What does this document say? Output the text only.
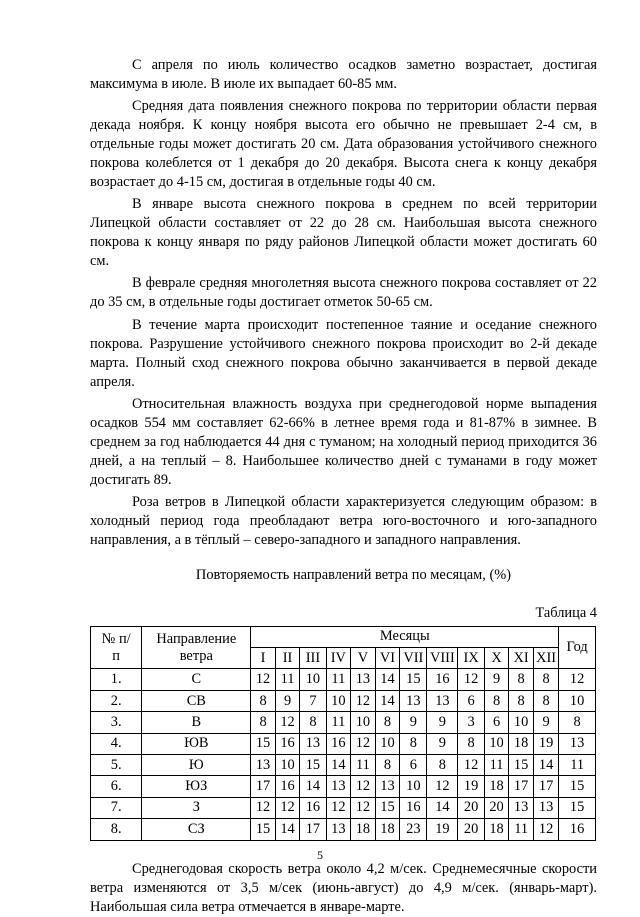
С апреля по июль количество осадков заметно возрастает, достигая максимума в июле. В июле их выпадает 60-85 мм.

Средняя дата появления снежного покрова по территории области первая декада ноября. К концу ноября высота его обычно не превышает 2-4 см, в отдельные годы может достигать 20 см. Дата образования устойчивого снежного покрова колеблется от 1 декабря до 20 декабря. Высота снега к концу декабря возрастает до 4-15 см, достигая в отдельные годы 40 см.

В январе высота снежного покрова в среднем по всей территории Липецкой области составляет от 22 до 28 см. Наибольшая высота снежного покрова к концу января по ряду районов Липецкой области может достигать 60 см.

В феврале средняя многолетняя высота снежного покрова составляет от 22 до 35 см, в отдельные годы достигает отметок 50-65 см.

В течение марта происходит постепенное таяние и оседание снежного покрова. Разрушение устойчивого снежного покрова происходит во 2-й декаде марта. Полный сход снежного покрова обычно заканчивается в первой декаде апреля.

Относительная влажность воздуха при среднегодовой норме выпадения осадков 554 мм составляет 62-66% в летнее время года и 81-87% в зимнее. В среднем за год наблюдается 44 дня с туманом; на холодный период приходится 36 дней, а на теплый – 8. Наибольшее количество дней с туманами в году может достигать 89.

Роза ветров в Липецкой области характеризуется следующим образом: в холодный период года преобладают ветра юго-восточного и юго-западного направления, а в тёплый – северо-западного и западного направления.

Повторяемость направлений ветра по месяцам, (%)
Таблица 4
№ п/п	Направление ветра	Месяцы												Год
		I	II	III	IV	V	VI	VII	VIII	IX	X	XI	XII	
1.	С	12	11	10	11	13	14	15	16	12	9	8	8	12
2.	СВ	8	9	7	10	12	14	13	13	6	8	8	8	10
3.	В	8	12	8	11	10	8	9	9	3	6	10	9	8
4.	ЮВ	15	16	13	16	12	10	8	9	8	10	18	19	13
5.	Ю	13	10	15	14	11	8	6	8	12	11	15	14	11
6.	ЮЗ	17	16	14	13	12	13	10	12	19	18	17	17	15
7.	З	12	12	16	12	12	15	16	14	20	20	13	13	15
8.	СЗ	15	14	17	13	18	18	23	19	20	18	11	12	16

Среднегодовая скорость ветра около 4,2 м/сек. Среднемесячные скорости ветра изменяются от 3,5 м/сек (июнь-август) до 4,9 м/сек. (январь-март). Наибольшая сила ветра отмечается в январе-марте.

5
